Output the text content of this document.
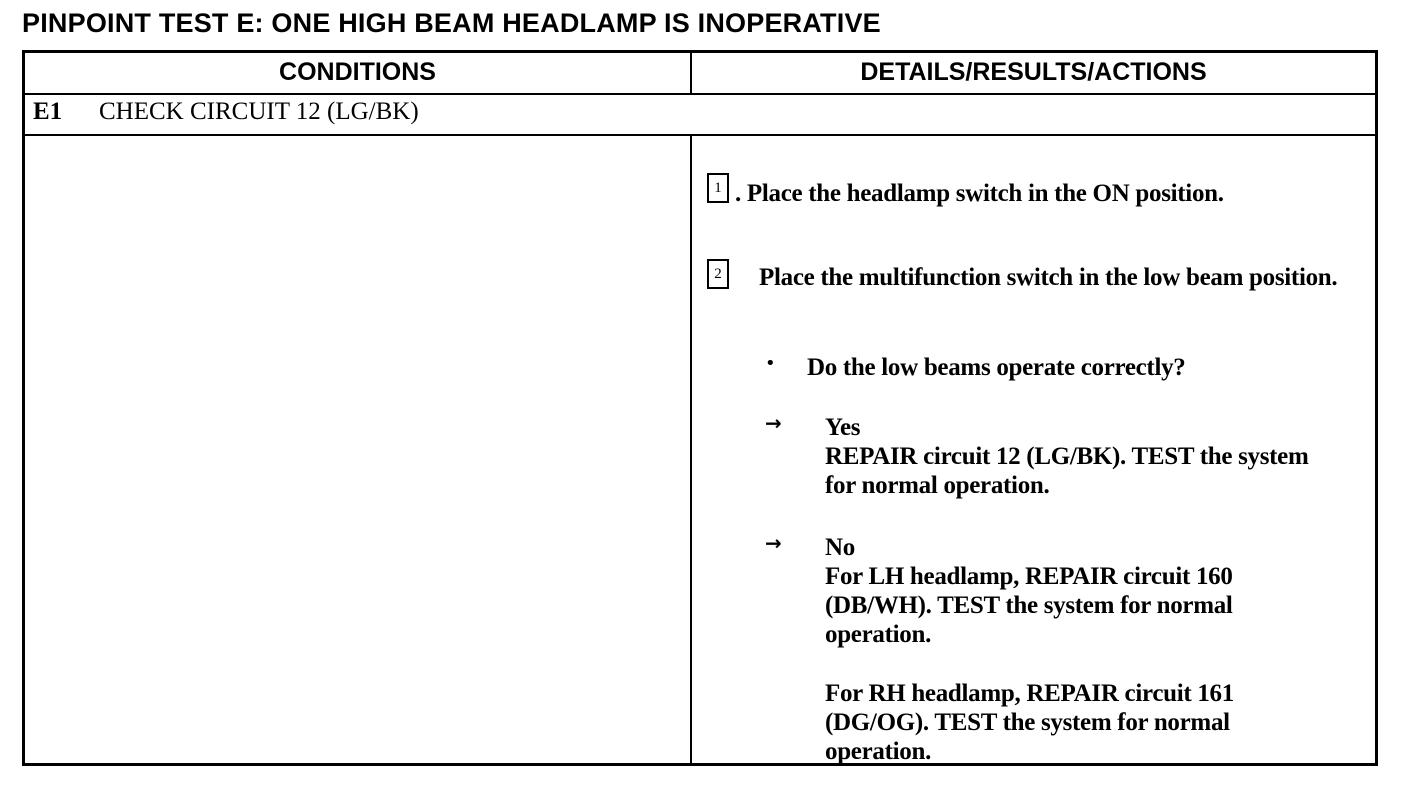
PINPOINT TEST E: ONE HIGH BEAM HEADLAMP IS INOPERATIVE
CONDITIONS	DETAILS/RESULTS/ACTIONS
E1 CHECK CIRCUIT 12 (LG/BK)
1 . Place the headlamp switch in the ON position.
2 Place the multifunction switch in the low beam position.
• Do the low beams operate correctly?
→ Yes
REPAIR circuit 12 (LG/BK). TEST the system for normal operation.
→ No
For LH headlamp, REPAIR circuit 160 (DB/WH). TEST the system for normal operation.
For RH headlamp, REPAIR circuit 161 (DG/OG). TEST the system for normal operation.
